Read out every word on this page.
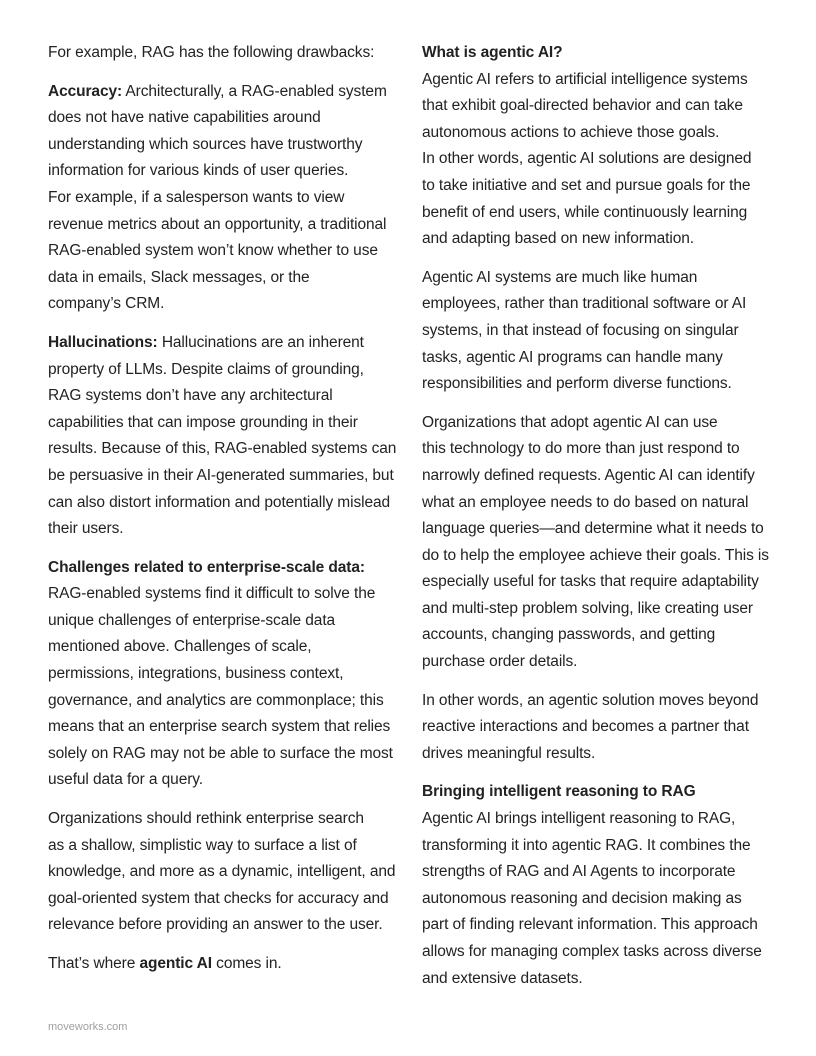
For example, RAG has the following drawbacks:

Accuracy: Architecturally, a RAG-enabled system
does not have native capabilities around
understanding which sources have trustworthy
information for various kinds of user queries.
For example, if a salesperson wants to view
revenue metrics about an opportunity, a traditional
RAG-enabled system won’t know whether to use
data in emails, Slack messages, or the
company’s CRM.

Hallucinations: Hallucinations are an inherent
property of LLMs. Despite claims of grounding,
RAG systems don’t have any architectural
capabilities that can impose grounding in their
results. Because of this, RAG-enabled systems can
be persuasive in their AI-generated summaries, but
can also distort information and potentially mislead
their users.

Challenges related to enterprise-scale data:
RAG-enabled systems find it difficult to solve the
unique challenges of enterprise-scale data
mentioned above. Challenges of scale,
permissions, integrations, business context,
governance, and analytics are commonplace; this
means that an enterprise search system that relies
solely on RAG may not be able to surface the most
useful data for a query.

Organizations should rethink enterprise search
as a shallow, simplistic way to surface a list of
knowledge, and more as a dynamic, intelligent, and
goal-oriented system that checks for accuracy and
relevance before providing an answer to the user.

That’s where agentic AI comes in.

What is agentic AI?
Agentic AI refers to artificial intelligence systems
that exhibit goal-directed behavior and can take
autonomous actions to achieve those goals.
In other words, agentic AI solutions are designed
to take initiative and set and pursue goals for the
benefit of end users, while continuously learning
and adapting based on new information.

Agentic AI systems are much like human
employees, rather than traditional software or AI
systems, in that instead of focusing on singular
tasks, agentic AI programs can handle many
responsibilities and perform diverse functions.

Organizations that adopt agentic AI can use
this technology to do more than just respond to
narrowly defined requests. Agentic AI can identify
what an employee needs to do based on natural
language queries—and determine what it needs to
do to help the employee achieve their goals. This is
especially useful for tasks that require adaptability
and multi-step problem solving, like creating user
accounts, changing passwords, and getting
purchase order details.

In other words, an agentic solution moves beyond
reactive interactions and becomes a partner that
drives meaningful results.

Bringing intelligent reasoning to RAG
Agentic AI brings intelligent reasoning to RAG,
transforming it into agentic RAG. It combines the
strengths of RAG and AI Agents to incorporate
autonomous reasoning and decision making as
part of finding relevant information. This approach
allows for managing complex tasks across diverse
and extensive datasets.

moveworks.com
